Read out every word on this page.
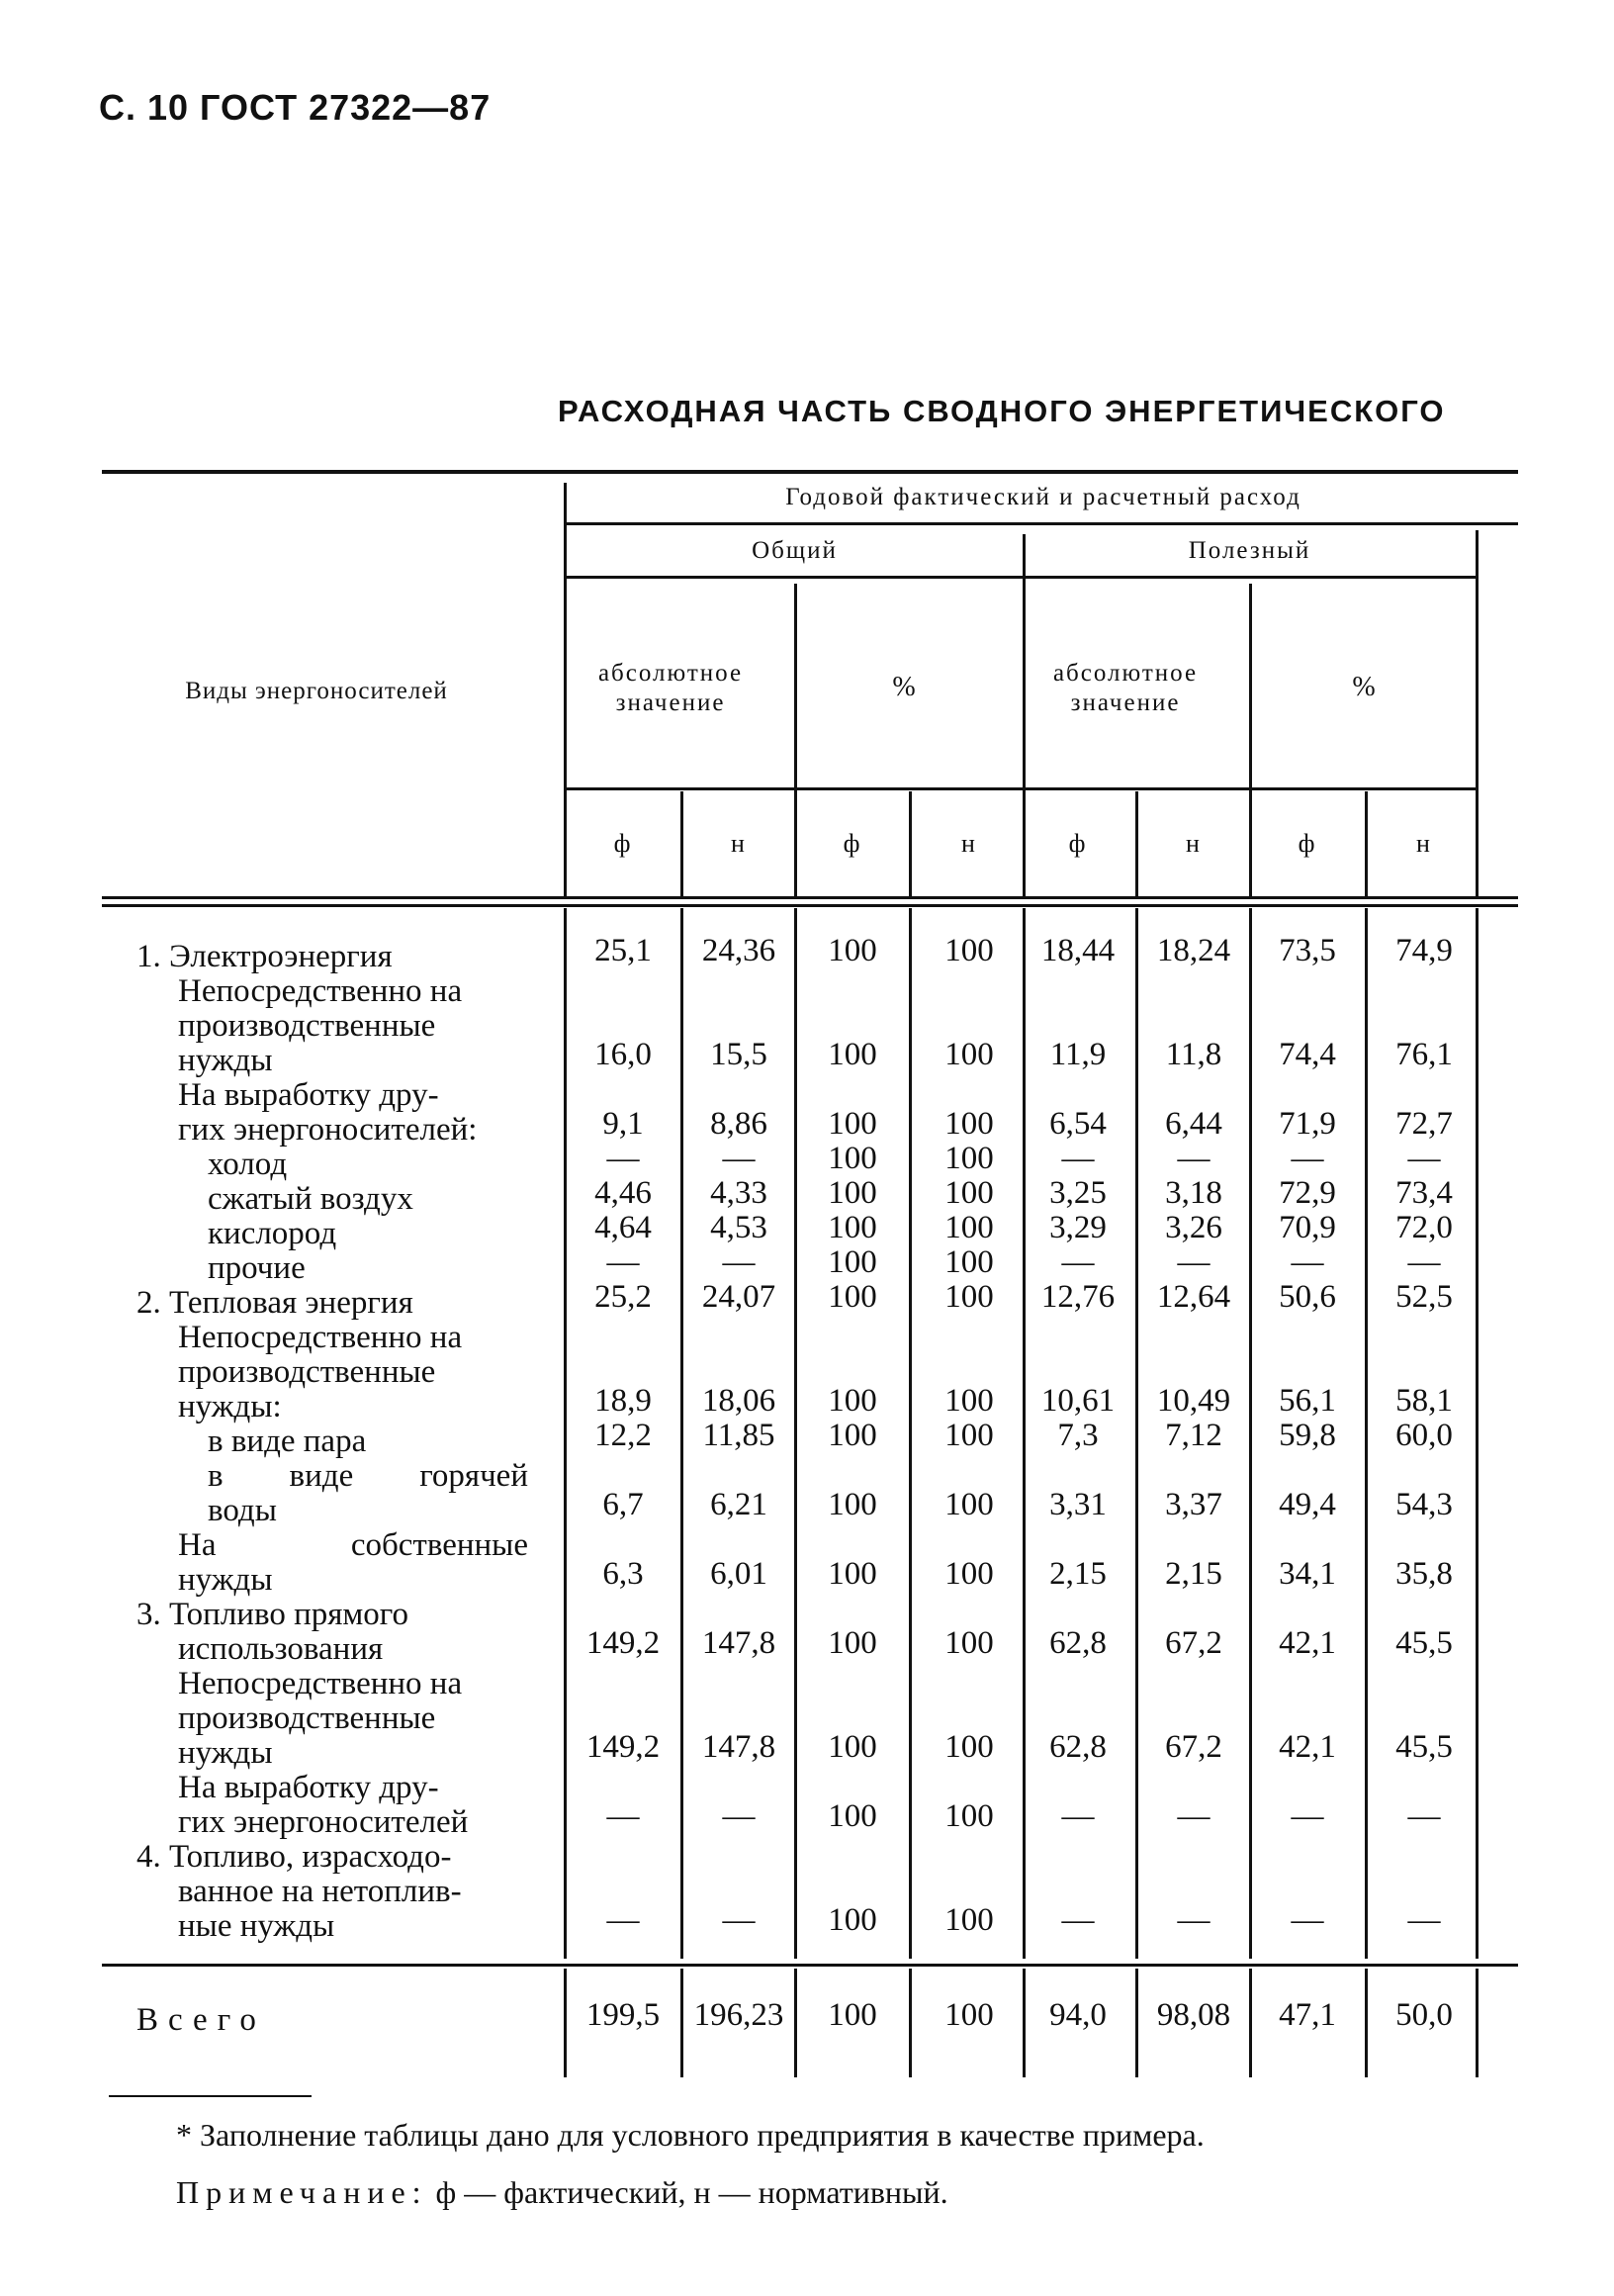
С. 10 ГОСТ 27322—87
РАСХОДНАЯ ЧАСТЬ СВОДНОГО ЭНЕРГЕТИЧЕСКОГО
Виды энергоносителей
Годовой фактический и расчетный расход
Общий	Полезный
абсолютное значение
%	абсолютное значение
%
ф	н	ф	н	ф	н	ф	н
1. Электроэнергия	25,1	24,36	100	100	18,44	18,24	73,5	74,9
Непосредственно на
производственные
нужды	16,0	15,5	100	100	11,9	11,8	74,4	76,1
На выработку дру-
гих энергоносителей:	9,1	8,86	100	100	6,54	6,44	71,9	72,7
холод	—	—	100	100	—	—	—	—
сжатый воздух	4,46	4,33	100	100	3,25	3,18	72,9	73,4
кислород	4,64	4,53	100	100	3,29	3,26	70,9	72,0
прочие	—	—	100	100	—	—	—	—
2. Тепловая энергия	25,2	24,07	100	100	12,76	12,64	50,6	52,5
Непосредственно на
производственные
нужды:	18,9	18,06	100	100	10,61	10,49	56,1	58,1
в виде пара	12,2	11,85	100	100	7,3	7,12	59,8	60,0
в виде горячей
воды	6,7	6,21	100	100	3,31	3,37	49,4	54,3
На	собственные
нужды	6,3	6,01	100	100	2,15	2,15	34,1	35,8
3. Топливо прямого
использования	149,2	147,8	100	100	62,8	67,2	42,1	45,5
Непосредственно на
производственные
нужды	149,2	147,8	100	100	62,8	67,2	42,1	45,5
На выработку дру-
гих энергоносителей	—	—	100	100	—	—	—	—
4. Топливо, израсходо-
ванное на нетоплив-
ные нужды	—	—	100	100	—	—	—	—
Всего	199,5	196,23	100	100	94,0	98,08	47,1	50,0
* Заполнение таблицы дано для условного предприятия в качестве примера.
Примечание: ф — фактический, н — нормативный.
